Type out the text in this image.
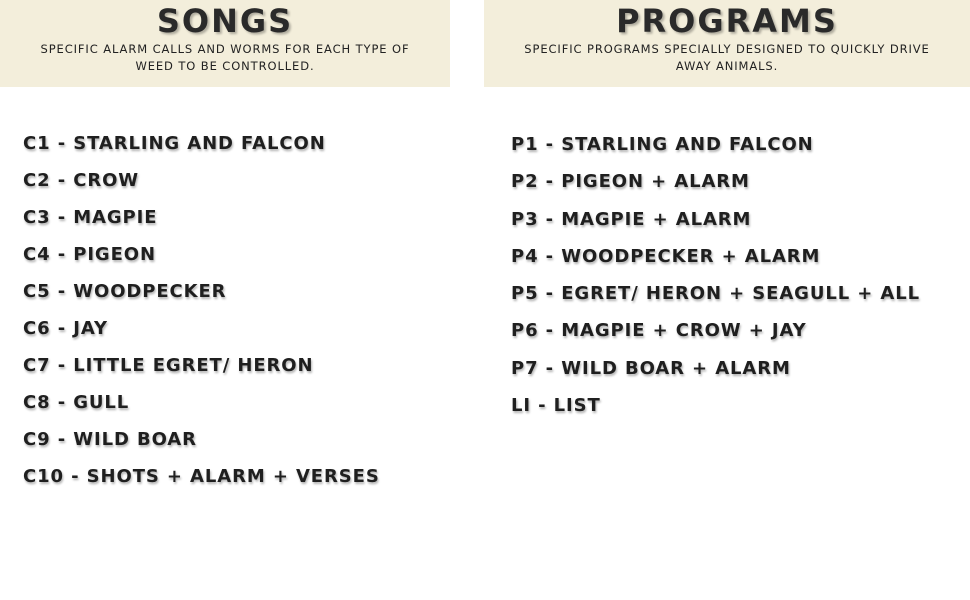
SONGS
SPECIFIC ALARM CALLS AND WORMS FOR EACH TYPE OF WEED TO BE CONTROLLED.
PROGRAMS
SPECIFIC PROGRAMS SPECIALLY DESIGNED TO QUICKLY DRIVE AWAY ANIMALS.
C1 - STARLING AND FALCON
C2 - CROW
C3 - MAGPIE
C4 - PIGEON
C5 - WOODPECKER
C6 - JAY
C7 - LITTLE EGRET/ HERON
C8 - GULL
C9 - WILD BOAR
C10 - SHOTS + ALARM + VERSES
P1 - STARLING AND FALCON
P2 - PIGEON + ALARM
P3 - MAGPIE + ALARM
P4 - WOODPECKER + ALARM
P5 - EGRET/ HERON + SEAGULL + ALL
P6 - MAGPIE + CROW + JAY
P7 - WILD BOAR + ALARM
LI - LIST
